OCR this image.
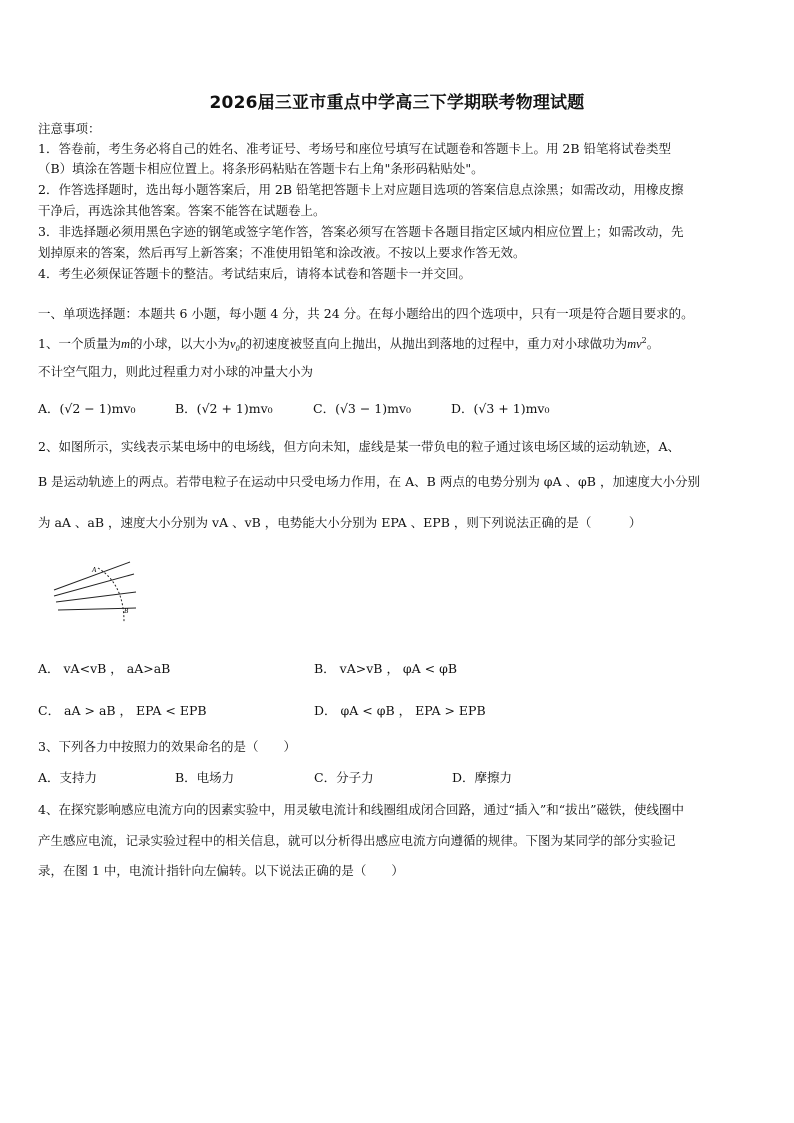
2026届三亚市重点中学高三下学期联考物理试题
注意事项：
1．答卷前，考生务必将自己的姓名、准考证号、考场号和座位号填写在试题卷和答题卡上。用 2B 铅笔将试卷类型
（B）填涂在答题卡相应位置上。将条形码粘贴在答题卡右上角"条形码粘贴处"。
2．作答选择题时，选出每小题答案后，用 2B 铅笔把答题卡上对应题目选项的答案信息点涂黑；如需改动，用橡皮擦
干净后，再选涂其他答案。答案不能答在试题卷上。
3．非选择题必须用黑色字迹的钢笔或签字笔作答，答案必须写在答题卡各题目指定区域内相应位置上；如需改动，先
划掉原来的答案，然后再写上新答案；不准使用铅笔和涂改液。不按以上要求作答无效。
4．考生必须保证答题卡的整洁。考试结束后，请将本试卷和答题卡一并交回。
一、单项选择题：本题共 6 小题，每小题 4 分，共 24 分。在每小题给出的四个选项中，只有一项是符合题目要求的。
1、一个质量为m的小球，以大小为$v_0$的初速度被竖直向上抛出，从抛出到落地的过程中，重力对小球做功为$mv^2$。
不计空气阻力，则此过程重力对小球的冲量大小为
A．(√2 − 1)mv₀	B．(√2 + 1)mv₀	C．(√3 − 1)mv₀	D．(√3 + 1)mv₀
2、如图所示，实线表示某电场中的电场线，但方向未知，虚线是某一带负电的粒子通过该电场区域的运动轨迹，A、
B 是运动轨迹上的两点。若带电粒子在运动中只受电场力作用，在 A、B 两点的电势分别为 φA 、φB ，加速度大小分别
为 aA 、aB ，速度大小分别为 vA 、vB ，电势能大小分别为 EPA 、EPB ，则下列说法正确的是（　　　）
A
B
A． vA<vB ， aA>aB	B． vA>vB ， φA < φB
C． aA > aB ， EPA < EPB	D． φA < φB ， EPA > EPB
3、下列各力中按照力的效果命名的是（　　）
A．支持力	B．电场力	C．分子力	D．摩擦力
4、在探究影响感应电流方向的因素实验中，用灵敏电流计和线圈组成闭合回路，通过“插入”和“拔出”磁铁，使线圈中
产生感应电流，记录实验过程中的相关信息，就可以分析得出感应电流方向遵循的规律。下图为某同学的部分实验记
录，在图 1 中，电流计指针向左偏转。以下说法正确的是（　　）
